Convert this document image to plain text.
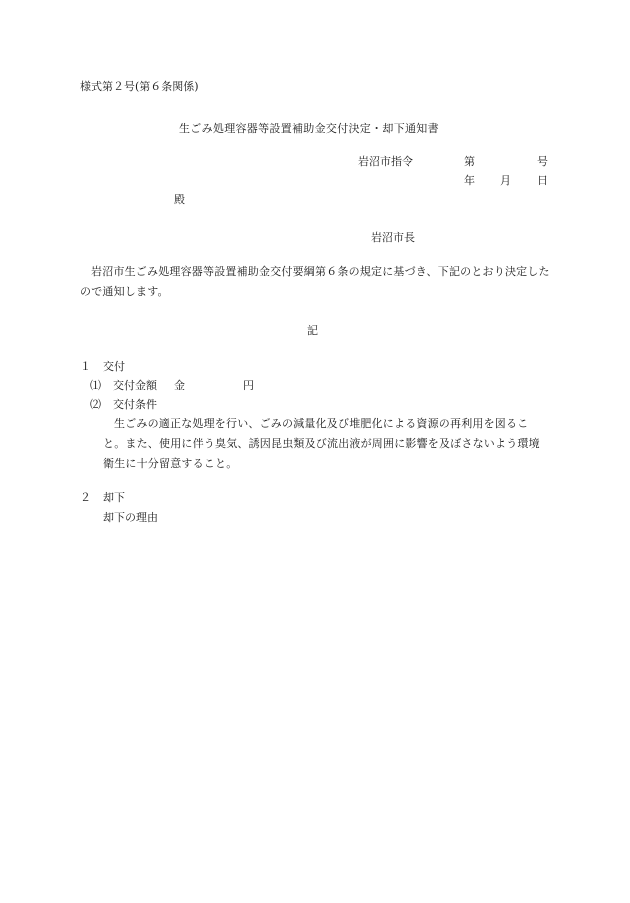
様式第２号(第６条関係)
生ごみ処理容器等設置補助金交付決定・却下通知書
岩沼市指令	第	号
年 月 日
殿
岩沼市長
岩沼市生ごみ処理容器等設置補助金交付要綱第６条の規定に基づき、下記のとおり決定したので通知します。
記
１ 交付
⑴ 交付金額 金	円
⑵ 交付条件
生ごみの適正な処理を行い、ごみの減量化及び堆肥化による資源の再利用を図ること。また、使用に伴う臭気、誘因昆虫類及び流出液が周囲に影響を及ぼさないよう環境衛生に十分留意すること。
２ 却下
却下の理由
